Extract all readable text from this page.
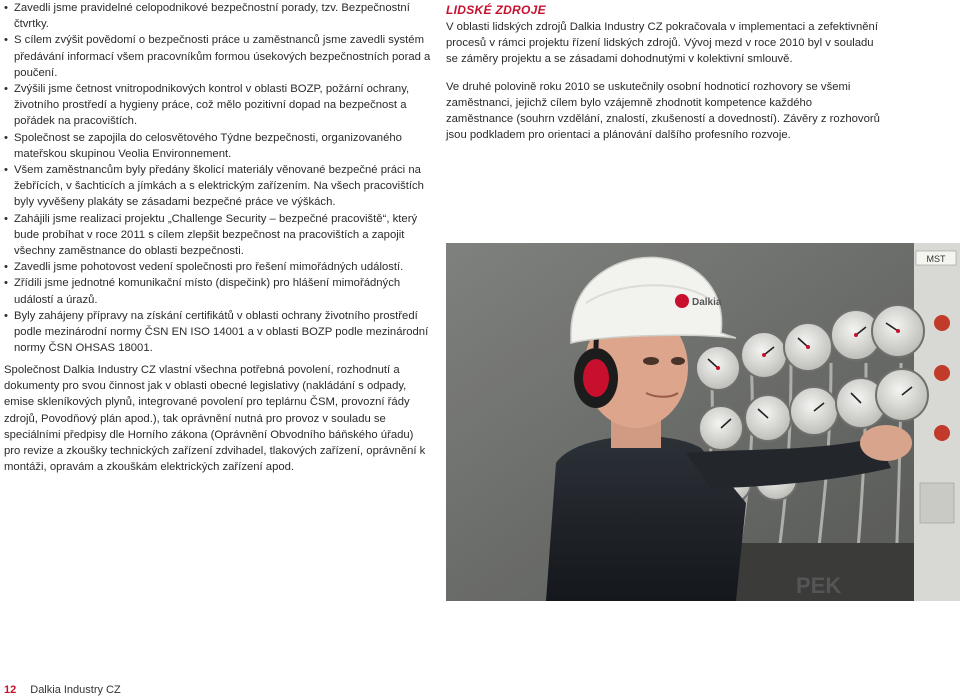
• Zavedli jsme pravidelné celopodnikové bezpečnostní porady, tzv. Bezpečnostní čtvrtky.
• S cílem zvýšit povědomí o bezpečnosti práce u zaměstnanců jsme zavedli systém předávání informací všem pracovníkům formou úsekových bezpečnostních porad a poučení.
• Zvýšili jsme četnost vnitropodnikových kontrol v oblasti BOZP, požární ochrany, životního prostředí a hygieny práce, což mělo pozitivní dopad na bezpečnost a pořádek na pracovištích.
• Společnost se zapojila do celosvětového Týdne bezpečnosti, organizovaného mateřskou skupinou Veolia Environnement.
• Všem zaměstnancům byly předány školicí materiály věnované bezpečné práci na žebřících, v šachticích a jímkách a s elektrickým zařízením. Na všech pracovištích byly vyvěšeny plakáty se zásadami bezpečné práce ve výškách.
• Zahájili jsme realizaci projektu „Challenge Security – bezpečné pracoviště“, který bude probíhat v roce 2011 s cílem zlepšit bezpečnost na pracovištích a zapojit všechny zaměstnance do oblasti bezpečnosti.
• Zavedli jsme pohotovost vedení společnosti pro řešení mimořádných událostí.
• Zřídili jsme jednotné komunikační místo (dispečink) pro hlášení mimořádných událostí a úrazů.
• Byly zahájeny přípravy na získání certifikátů v oblasti ochrany životního prostředí podle mezinárodní normy ČSN EN ISO 14001 a v oblasti BOZP podle mezinárodní normy ČSN OHSAS 18001.

Společnost Dalkia Industry CZ vlastní všechna potřebná povolení, rozhodnutí a dokumenty pro svou činnost jak v oblasti obecné legislativy (nakládání s odpady, emise skleníkových plynů, integrované povolení pro teplárnu ČSM, provozní řády zdrojů, Povodňový plán apod.), tak oprávnění nutná pro provoz v souladu se speciálními předpisy dle Horního zákona (Oprávnění Obvodního báňského úřadu) pro revize a zkoušky technických zařízení zdvihadel, tlakových zařízení, oprávnění k montáži, opravám a zkouškám elektrických zařízení apod.

LIDSKÉ ZDROJE

V oblasti lidských zdrojů Dalkia Industry CZ pokračovala v implementaci a zefektivnění procesů v rámci projektu řízení lidských zdrojů. Vývoj mezd v roce 2010 byl v souladu se záměry projektu a se zásadami dohodnutými v kolektivní smlouvě.

Ve druhé polovině roku 2010 se uskutečnily osobní hodnoticí rozhovory se všemi zaměstnanci, jejichž cílem bylo vzájemně zhodnotit kompetence každého zaměstnance (souhrn vzdělání, znalostí, zkušeností a dovedností). Závěry z rozhovorů jsou podkladem pro orientaci a plánování dalšího profesního rozvoje.

MST
PEK
Dalkia
12 Dalkia Industry CZ
